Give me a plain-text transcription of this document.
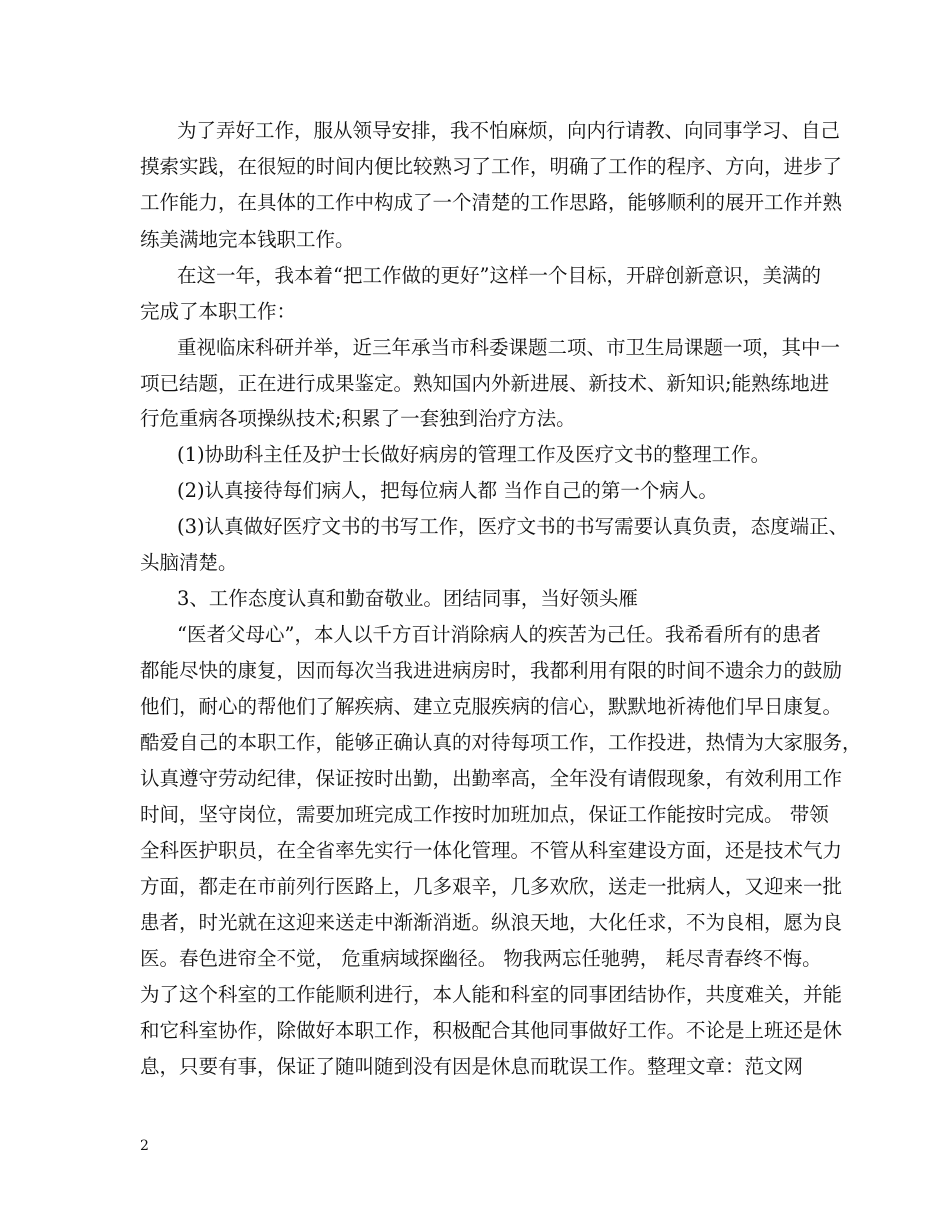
为了弄好工作，服从领导安排，我不怕麻烦，向内行请教、向同事学习、自己
摸索实践，在很短的时间内便比较熟习了工作，明确了工作的程序、方向，进步了
工作能力，在具体的工作中构成了一个清楚的工作思路，能够顺利的展开工作并熟
练美满地完本钱职工作。
在这一年，我本着“把工作做的更好”这样一个目标，开辟创新意识，美满的
完成了本职工作：
重视临床科研并举，近三年承当市科委课题二项、市卫生局课题一项，其中一
项已结题，正在进行成果鉴定。熟知国内外新进展、新技术、新知识;能熟练地进
行危重病各项操纵技术;积累了一套独到治疗方法。
(1)协助科主任及护士长做好病房的管理工作及医疗文书的整理工作。
(2)认真接待每们病人，把每位病人都 当作自己的第一个病人。
(3)认真做好医疗文书的书写工作，医疗文书的书写需要认真负责，态度端正、
头脑清楚。
3、工作态度认真和勤奋敬业。团结同事，当好领头雁
“医者父母心”，本人以千方百计消除病人的疾苦为己任。我希看所有的患者
都能尽快的康复，因而每次当我进进病房时，我都利用有限的时间不遗余力的鼓励
他们，耐心的帮他们了解疾病、建立克服疾病的信心，默默地祈祷他们早日康复。
酷爱自己的本职工作，能够正确认真的对待每项工作，工作投进，热情为大家服务，
认真遵守劳动纪律，保证按时出勤，出勤率高，全年没有请假现象，有效利用工作
时间，坚守岗位，需要加班完成工作按时加班加点，保证工作能按时完成。 带领
全科医护职员，在全省率先实行一体化管理。不管从科室建设方面，还是技术气力
方面，都走在市前列行医路上，几多艰辛，几多欢欣，送走一批病人，又迎来一批
患者，时光就在这迎来送走中渐渐消逝。纵浪天地，大化任求，不为良相，愿为良
医。春色进帘全不觉， 危重病域探幽径。 物我两忘任驰骋， 耗尽青春终不悔。
为了这个科室的工作能顺利进行，本人能和科室的同事团结协作，共度难关，并能
和它科室协作，除做好本职工作，积极配合其他同事做好工作。不论是上班还是休
息，只要有事，保证了随叫随到没有因是休息而耽误工作。整理文章：范文网
2
